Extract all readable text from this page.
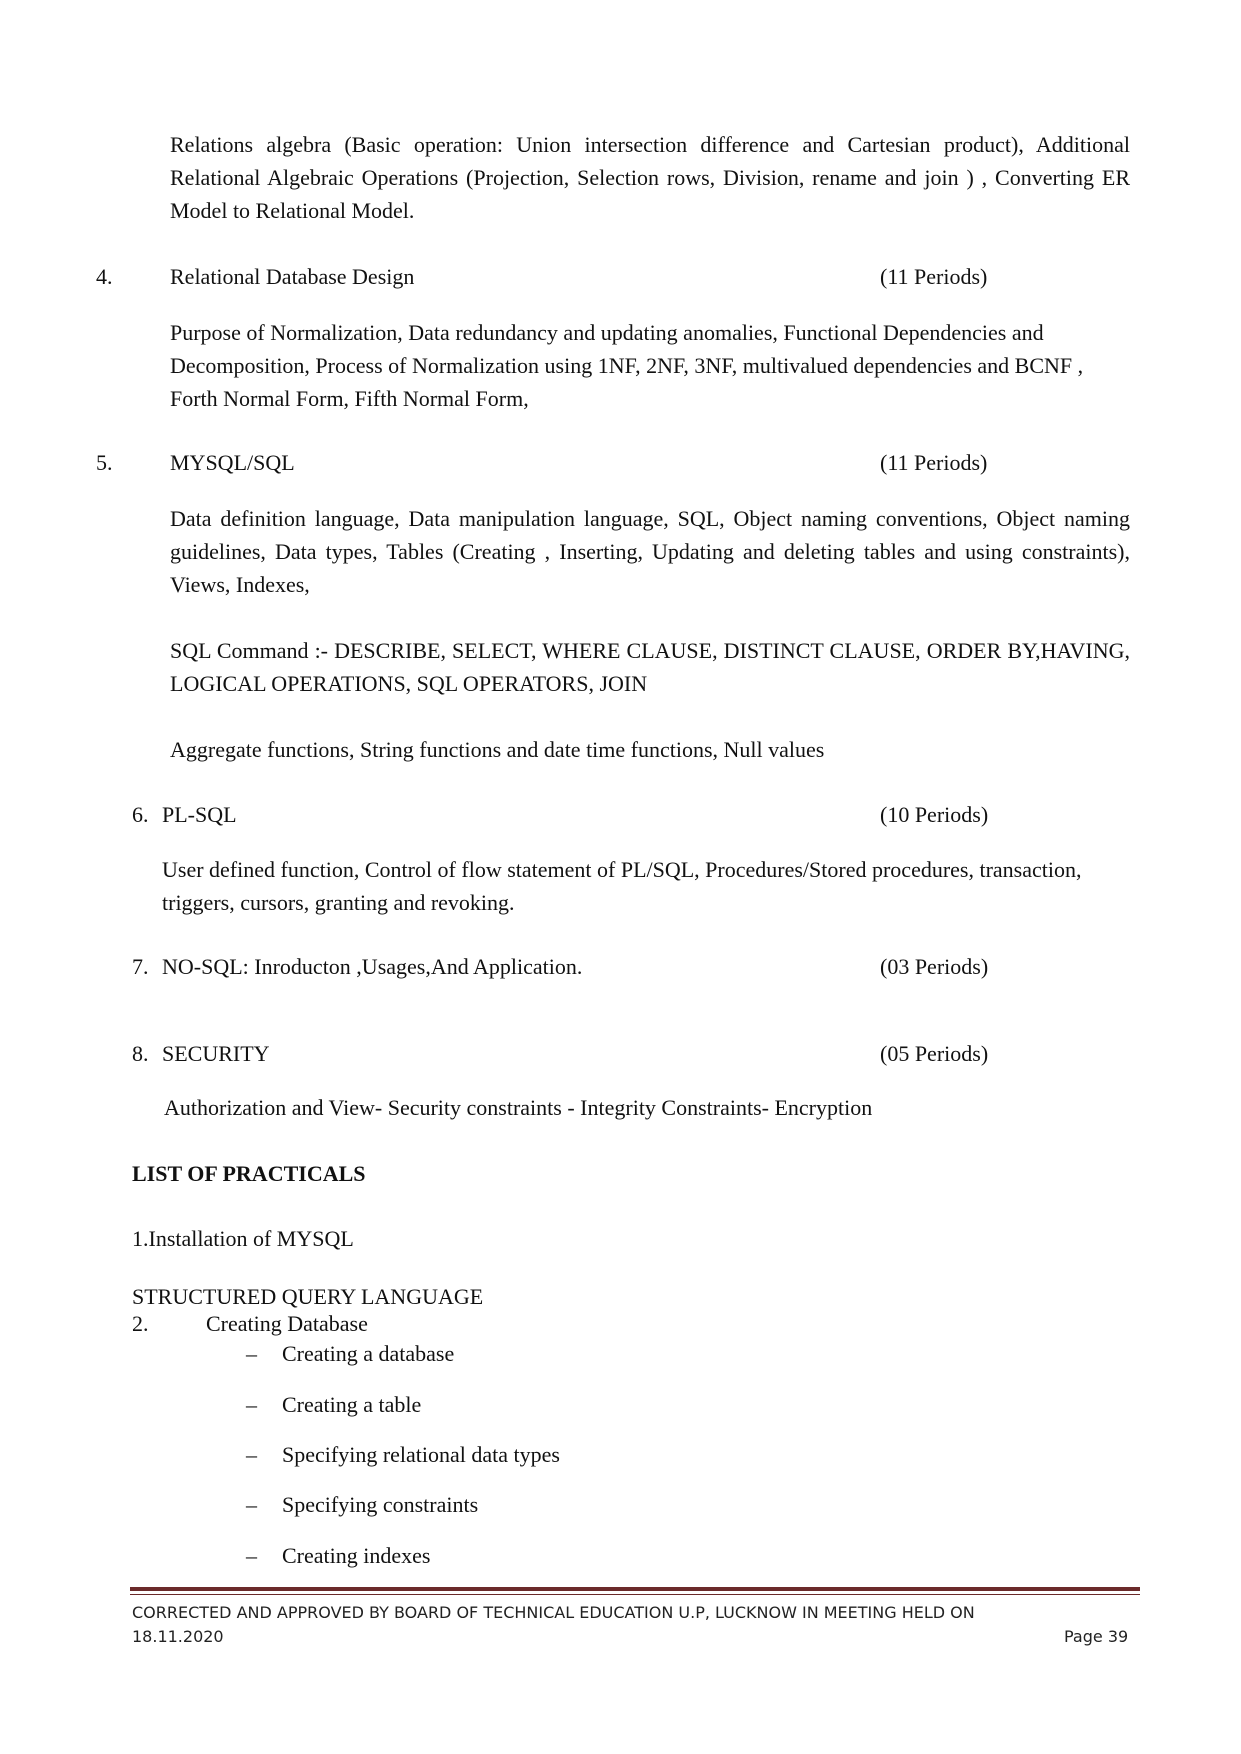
Relations algebra (Basic operation: Union intersection difference and Cartesian product), Additional Relational Algebraic Operations (Projection, Selection rows, Division, rename and join ) , Converting ER Model to Relational Model.

4.	Relational Database Design	(11 Periods)

Purpose of Normalization, Data redundancy and updating anomalies, Functional Dependencies and Decomposition, Process of Normalization using 1NF, 2NF, 3NF, multivalued dependencies and BCNF , Forth Normal Form, Fifth Normal Form,

5.	MYSQL/SQL	(11 Periods)

Data definition language, Data manipulation language, SQL, Object naming conventions, Object naming guidelines, Data types, Tables (Creating , Inserting, Updating and deleting tables and using constraints), Views, Indexes,

SQL Command :- DESCRIBE, SELECT, WHERE CLAUSE, DISTINCT CLAUSE, ORDER BY,HAVING, LOGICAL OPERATIONS, SQL OPERATORS, JOIN

Aggregate functions, String functions and date time functions, Null values

6. PL-SQL	(10 Periods)

User defined function, Control of flow statement of PL/SQL, Procedures/Stored procedures, transaction, triggers, cursors, granting and revoking.

7. NO-SQL: Inroducton ,Usages,And Application.	(03 Periods)
8. SECURITY	(05 Periods)
Authorization and View- Security constraints - Integrity Constraints- Encryption
LIST OF PRACTICALS
1.Installation of MYSQL
STRUCTURED QUERY LANGUAGE
2.	Creating Database
– Creating a database
– Creating a table
– Specifying relational data types
– Specifying constraints
– Creating indexes
CORRECTED AND APPROVED BY BOARD OF TECHNICAL EDUCATION U.P, LUCKNOW IN MEETING HELD ON
18.11.2020	Page 39
